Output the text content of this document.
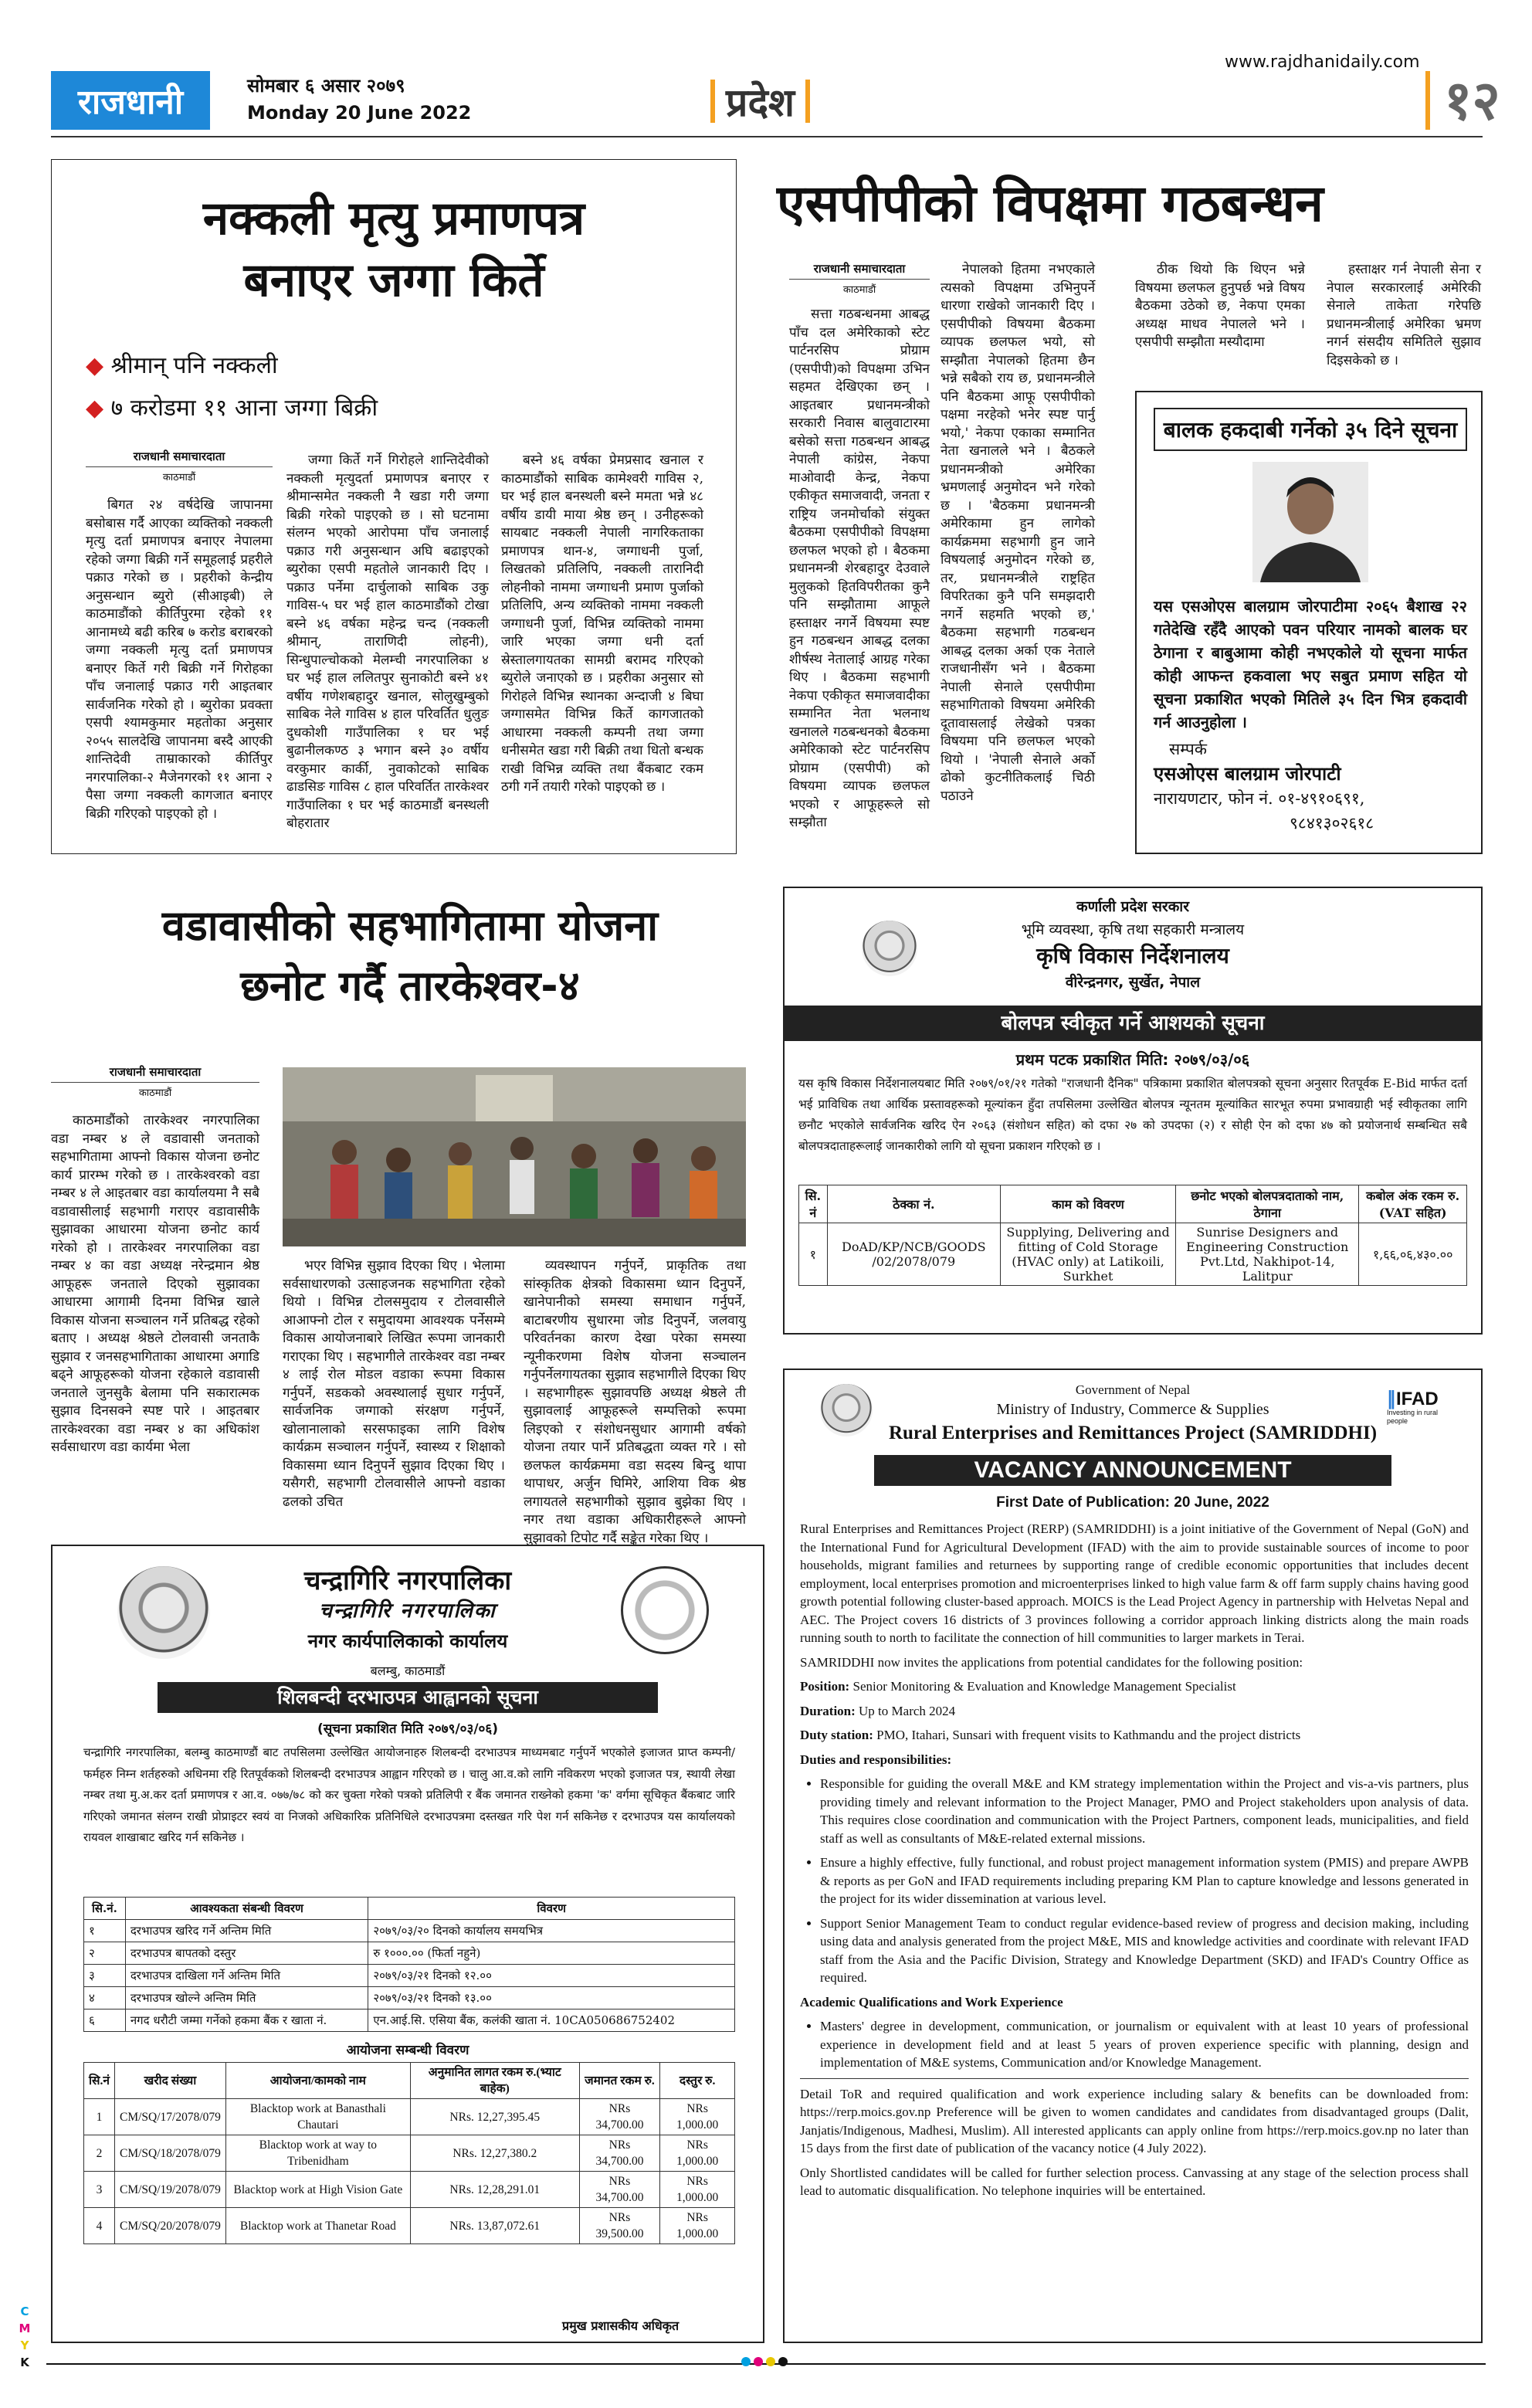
राजधानी	सोमबार ६ असार २०७९
Monday 20 June 2022	प्रदेश
www.rajdhanidaily.com
१२
नक्कली मृत्यु प्रमाणपत्र
बनाएर जग्गा किर्ते
◆ श्रीमान् पनि नक्कली
◆ ७ करोडमा ११ आना जग्गा बिक्री
राजधानी समाचारदाता
काठमाडौं

बिगत २४ वर्षदेखि जापानमा बसोबास गर्दै आएका व्यक्तिको नक्कली मृत्यु दर्ता प्रमाणपत्र बनाएर नेपालमा रहेको जग्गा बिक्री गर्ने समूहलाई प्रहरीले पक्राउ गरेको छ । प्रहरीको केन्द्रीय अनुसन्धान ब्युरो (सीआइबी) ले काठमाडौंको कीर्तिपुरमा रहेको ११ आनामध्ये बढी करिब ७ करोड बराबरको जग्गा नक्कली मृत्यु दर्ता प्रमाणपत्र बनाएर किर्ते गरी बिक्री गर्ने गिरोहका पाँच जनालाई पक्राउ गरी आइतबार सार्वजनिक गरेको हो । ब्युरोका प्रवक्ता एसपी श्यामकुमार महतोका अनुसार २०५५ सालदेखि जापानमा बस्दै आएकी शान्तिदेवी ताम्राकारको कीर्तिपुर नगरपालिका-२ मैजेनगरको ११ आना २ पैसा जग्गा नक्कली कागजात बनाएर बिक्री गरिएको पाइएको हो ।

जग्गा किर्ते गर्ने गिरोहले शान्तिदेवीको नक्कली मृत्युदर्ता प्रमाणपत्र बनाएर र श्रीमान्समेत नक्कली नै खडा गरी जग्गा बिक्री गरेको पाइएको छ । सो घटनामा संलग्न भएको आरोपमा पाँच जनालाई पक्राउ गरी अनुसन्धान अघि बढाइएको ब्युरोका एसपी महतोले जानकारी दिए । पक्राउ पर्नेमा दार्चुलाको साबिक उकु गाविस-५ घर भई हाल काठमाडौंको टोखा बस्ने ४६ वर्षका महेन्द्र चन्द (नक्कली श्रीमान्, ताराणिदी लोहनी), सिन्धुपाल्चोकको मेलम्ची नगरपालिका ४ घर भई हाल ललितपुर सुनाकोटी बस्ने ४१ वर्षीय गणेशबहादुर खनाल, सोलुखुम्बुको साबिक नेले गाविस ४ हाल परिवर्तित धुलुङ दुधकोशी गाउँपालिका १ घर भई बुढानीलकण्ठ ३ भगान बस्ने ३० वर्षीय वरकुमार कार्की, नुवाकोटको साबिक ढाडसिङ गाविस ८ हाल परिवर्तित तारकेश्वर गाउँपालिका १ घर भई काठमाडौं बनस्थली बोहरातार

बस्ने ४६ वर्षका प्रेमप्रसाद खनाल र काठमाडौंको साबिक कामेश्वरी गाविस २, घर भई हाल बनस्थली बस्ने ममता भन्ने ४८ वर्षीय डायी माया श्रेष्ठ छन् । उनीहरूको सायबाट नक्कली नेपाली नागरिकताका प्रमाणपत्र थान-४, जग्गाधनी पुर्जा, लिखतको प्रतिलिपि, नक्कली तारानिदी लोहनीको नाममा जग्गाधनी प्रमाण पुर्जाको प्रतिलिपि, अन्य व्यक्तिको नाममा नक्कली जग्गाधनी पुर्जा, विभिन्न व्यक्तिको नाममा जारि भएका जग्गा धनी दर्ता स्रेस्तालगायतका सामग्री बरामद गरिएको ब्युरोले जनाएको छ । प्रहरीका अनुसार सो गिरोहले विभिन्न स्थानका अन्दाजी ४ बिघा जग्गासमेत विभिन्न किर्ते कागजातको आधारमा नक्कली कम्पनी तथा जग्गा धनीसमेत खडा गरी बिक्री तथा धितो बन्धक राखी विभिन्न व्यक्ति तथा बैंकबाट रकम ठगी गर्ने तयारी गरेको पाइएको छ ।

एसपीपीको विपक्षमा गठबन्धन
राजधानी समाचारदाता
काठमाडौं

सत्ता गठबन्धनमा आबद्ध पाँच दल अमेरिकाको स्टेट पार्टनरसिप प्रोग्राम (एसपीपी)को विपक्षमा उभिन सहमत देखिएका छन् । आइतबार प्रधानमन्त्रीको सरकारी निवास बालुवाटारमा बसेको सत्ता गठबन्धन आबद्ध नेपाली कांग्रेस, नेकपा माओवादी केन्द्र, नेकपा एकीकृत समाजवादी, जनता र राष्ट्रिय जनमोर्चाको संयुक्त बैठकमा एसपीपीको विपक्षमा छलफल भएको हो । बैठकमा प्रधानमन्त्री शेरबहादुर देउवाले मुलुकको हितविपरीतका कुनै पनि सम्झौतामा आफूले हस्ताक्षर नगर्ने विषयमा स्पष्ट हुन गठबन्धन आबद्ध दलका शीर्षस्थ नेतालाई आग्रह गरेका थिए । बैठकमा सहभागी नेकपा एकीकृत समाजवादीका सम्मानित नेता भलनाथ खनालले गठबन्धनको बैठकमा अमेरिकाको स्टेट पार्टनरसिप प्रोग्राम (एसपीपी) को विषयमा व्यापक छलफल भएको र आफूहरूले सो सम्झौता

नेपालको हितमा नभएकाले त्यसको विपक्षमा उभिनुपर्ने धारणा राखेको जानकारी दिए । एसपीपीको विषयमा बैठकमा व्यापक छलफल भयो, सो सम्झौता नेपालको हितमा छैन भन्ने सबैको राय छ, प्रधानमन्त्रीले पनि बैठकमा आफू एसपीपीको पक्षमा नरहेको भनेर स्पष्ट पार्नु भयो,' नेकपा एकाका सम्मानित नेता खनालले भने । बैठकले प्रधानमन्त्रीको अमेरिका भ्रमणलाई अनुमोदन भने गरेको छ । 'बैठकमा प्रधानमन्त्री अमेरिकामा हुन लागेको कार्यक्रममा सहभागी हुन जाने विषयलाई अनुमोदन गरेको छ, तर, प्रधानमन्त्रीले राष्ट्रहित विपरितका कुनै पनि समझदारी नगर्ने सहमति भएको छ,' बैठकमा सहभागी गठबन्धन आबद्ध दलका अर्का एक नेताले राजधानीसँग भने । बैठकमा नेपाली सेनाले एसपीपीमा सहभागिताको विषयमा अमेरिकी दूतावासलाई लेखेको पत्रका विषयमा पनि छलफल भएको थियो । 'नेपाली सेनाले अर्को ढोको कुटनीतिकलाई चिठी पठाउने

ठीक थियो कि थिएन भन्ने विषयमा छलफल हुनुपर्छ भन्ने विषय बैठकमा उठेको छ, नेकपा एमका अध्यक्ष माधव नेपालले भने । एसपीपी सम्झौता मस्यौदामा

हस्ताक्षर गर्न नेपाली सेना र नेपाल सरकारलाई अमेरिकी सेनाले ताकेता गरेपछि प्रधानमन्त्रीलाई अमेरिका भ्रमण नगर्न संसदीय समितिले सुझाव दिइसकेको छ ।

बालक हकदाबी गर्नेको ३५ दिने सूचना
यस एसओएस बालग्राम जोरपाटीमा २०६५ बैशाख २२ गतेदेखि रहँदै आएको पवन परियार नामको बालक घर ठेगाना र बाबुआमा कोही नभएकोले यो सूचना मार्फत कोही आफन्त हकवाला भए सबुत प्रमाण सहित यो सूचना प्रकाशित भएको मितिले ३५ दिन भित्र हकदावी गर्न आउनुहोला ।
सम्पर्क
एसओएस बालग्राम जोरपाटी
नारायणटार, फोन नं. ०१-४९१०६९१,
९८४१३०२६१८
वडावासीको सहभागितामा योजना
छनोट गर्दै तारकेश्वर-४
राजधानी समाचारदाता
काठमाडौं

काठमाडौंको तारकेश्वर नगरपालिका वडा नम्बर ४ ले वडावासी जनताको सहभागितामा आफ्नो विकास योजना छनोट कार्य प्रारम्भ गरेको छ । तारकेश्वरको वडा नम्बर ४ ले आइतबार वडा कार्यालयमा नै सबै वडावासीलाई सहभागी गराएर वडावासीकै सुझावका आधारमा योजना छनोट कार्य गरेको हो । तारकेश्वर नगरपालिका वडा नम्बर ४ का वडा अध्यक्ष नरेन्द्रमान श्रेष्ठ आफूहरू जनताले दिएको सुझावका आधारमा आगामी दिनमा विभिन्न खाले विकास योजना सञ्चालन गर्ने प्रतिबद्ध रहेको बताए । अध्यक्ष श्रेष्ठले टोलवासी जनताकै सुझाव र जनसहभागिताका आधारमा अगाडि बढ्ने आफूहरूको योजना रहेकाले वडावासी जनताले जुनसुकै बेलामा पनि सकारात्मक सुझाव दिनसक्ने स्पष्ट पारे । आइतबार तारकेश्वरका वडा नम्बर ४ का अधिकांश सर्वसाधारण वडा कार्यमा भेला

भएर विभिन्न सुझाव दिएका थिए । भेलामा सर्वसाधारणको उत्साहजनक सहभागिता रहेको थियो । विभिन्न टोलसमुदाय र टोलवासीले आआफ्नो टोल र समुदायमा आवश्यक पर्नेसम्मे विकास आयोजनाबारे लिखित रूपमा जानकारी गराएका थिए । सहभागीले तारकेश्वर वडा नम्बर ४ लाई रोल मोडल वडाका रूपमा विकास गर्नुपर्ने, सडकको अवस्थालाई सुधार गर्नुपर्ने, सार्वजनिक जग्गाको संरक्षण गर्नुपर्ने, खोलानालाको सरसफाइका लागि विशेष कार्यक्रम सञ्चालन गर्नुपर्ने, स्वास्थ्य र शिक्षाको विकासमा ध्यान दिनुपर्ने सुझाव दिएका थिए । यसैगरी, सहभागी टोलवासीले आफ्नो वडाका ढलको उचित

व्यवस्थापन गर्नुपर्ने, प्राकृतिक तथा सांस्कृतिक क्षेत्रको विकासमा ध्यान दिनुपर्ने, खानेपानीको समस्या समाधान गर्नुपर्ने, बाटाबरणीय सुधारमा जोड दिनुपर्ने, जलवायु परिवर्तनका कारण देखा परेका समस्या न्यूनीकरणमा विशेष योजना सञ्चालन गर्नुपर्नेलगायतका सुझाव सहभागीले दिएका थिए । सहभागीहरू सुझावपछि अध्यक्ष श्रेष्ठले ती सुझावलाई आफूहरूले सम्पत्तिको रूपमा लिइएको र संशोधनसुधार आगामी वर्षको योजना तयार पार्ने प्रतिबद्धता व्यक्त गरे । सो छलफल कार्यक्रममा वडा सदस्य बिन्दु थापा थापाधर, अर्जुन घिमिरे, आशिया विक श्रेष्ठ लगायतले सहभागीको सुझाव बुझेका थिए । नगर तथा वडाका अधिकारीहरूले आफ्नो सुझावको टिपोट गर्दै सङ्केत गरेका थिए ।

कर्णाली प्रदेश सरकार
भूमि व्यवस्था, कृषि तथा सहकारी मन्त्रालय
कृषि विकास निर्देशनालय
वीरेन्द्रनगर, सुर्खेत, नेपाल
बोलपत्र स्वीकृत गर्ने आशयको सूचना
प्रथम पटक प्रकाशित मिति: २०७९/०३/०६
यस कृषि विकास निर्देशनालयबाट मिति २०७९/०१/२१ गतेको "राजधानी दैनिक" पत्रिकामा प्रकाशित बोलपत्रको सूचना अनुसार रितपूर्वक E-Bid मार्फत दर्ता भई प्राविधिक तथा आर्थिक प्रस्तावहरूको मूल्यांकन हुँदा तपसिलमा उल्लेखित बोलपत्र न्यूनतम मूल्यांकित सारभूत रुपमा प्रभावग्राही भई स्वीकृतका लागि छनौट भएकोले सार्वजनिक खरिद ऐन २०६३ (संशोधन सहित) को दफा २७ को उपदफा (२) र सोही ऐन को दफा ४७ को प्रयोजनार्थ सम्बन्धित सबै बोलपत्रदाताहरूलाई जानकारीको लागि यो सूचना प्रकाशन गरिएको छ ।
सि. नं	ठेक्का नं.	काम को विवरण	छनोट भएको बोलपत्रदाताको नाम, ठेगाना	कबोल अंक रकम रु.(VAT सहित)
१	DoAD/KP/NCB/GOODS /02/2078/079	Supplying, Delivering and fitting of Cold Storage (HVAC only) at Latikoili, Surkhet	Sunrise Designers and Engineering Construction Pvt.Ltd, Nakhipot-14, Lalitpur	१,६६,०६,४३०.००
चन्द्रागिरि नगरपालिका
चन्द्रागिरि नगरपालिका
नगर कार्यपालिकाको कार्यालय
बलम्बु, काठमाडौं
शिलबन्दी दरभाउपत्र आह्वानको सूचना
(सूचना प्रकाशित मिति २०७९/०३/०६)
चन्द्रागिरि नगरपालिका, बलम्बु काठमाण्डौं बाट तपसिलमा उल्लेखित आयोजनाहरु शिलबन्दी दरभाउपत्र माध्यमबाट गर्नुपर्ने भएकोले इजाजत प्राप्त कम्पनी/फर्महरु निम्न शर्तहरुको अधिनमा रहि रितपूर्वकको शिलबन्दी दरभाउपत्र आह्वान गरिएको छ । चालु आ.व.को लागि नविकरण भएको इजाजत पत्र, स्थायी लेखा नम्बर तथा मु.अ.कर दर्ता प्रमाणपत्र र आ.व. ०७७/७८ को कर चुक्ता गरेको पत्रको प्रतिलिपी र बैंक जमानत राख्नेको हकमा 'क' वर्गमा सूचिकृत बैंकबाट जारि गरिएको जमानत संलग्न राखी प्रोप्राइटर स्वयं वा निजको अधिकारिक प्रतिनिधिले दरभाउपत्रमा दस्तखत गरि पेश गर्न सकिनेछ र दरभाउपत्र यस कार्यालयको रायवल शाखाबाट खरिद गर्न सकिनेछ ।
सि.नं.	आवश्यकता संबन्धी विवरण	विवरण
१	दरभाउपत्र खरिद गर्ने अन्तिम मिति	२०७९/०३/२० दिनको कार्यालय समयभित्र
२	दरभाउपत्र बापतको दस्तुर	रु १०००.०० (फिर्ता नहुने)
३	दरभाउपत्र दाखिला गर्ने अन्तिम मिति	२०७९/०३/२१ दिनको १२.००
४	दरभाउपत्र खोल्ने अन्तिम मिति	२०७९/०३/२१ दिनको १३.००
६	नगद धरौटी जम्मा गर्नेको हकमा बैंक र खाता नं.	एन.आई.सि. एसिया बैंक, कलंकी खाता नं. 10CA050686752402
आयोजना सम्बन्धी विवरण
सि.नं	खरीद संख्या	आयोजना/कामको नाम	अनुमानित लागत रकम रु.(भ्याट बाहेक)	जमानत रकम रु.	दस्तुर रु.
1	CM/SQ/17/2078/079	Blacktop work at Banasthali Chautari	NRs. 12,27,395.45	NRs 34,700.00	NRs 1,000.00
2	CM/SQ/18/2078/079	Blacktop work at way to Tribenidham	NRs. 12,27,380.2	NRs 34,700.00	NRs 1,000.00
3	CM/SQ/19/2078/079	Blacktop work at High Vision Gate	NRs. 12,28,291.01	NRs 34,700.00	NRs 1,000.00
4	CM/SQ/20/2078/079	Blacktop work at Thanetar Road	NRs. 13,87,072.61	NRs 39,500.00	NRs 1,000.00
प्रमुख प्रशासकीय अधिकृत
∥IFAD
Investing in rural people
Government of Nepal
Ministry of Industry, Commerce & Supplies
Rural Enterprises and Remittances Project (SAMRIDDHI)
VACANCY ANNOUNCEMENT
First Date of Publication: 20 June, 2022

Rural Enterprises and Remittances Project (RERP) (SAMRIDDHI) is a joint initiative of the Government of Nepal (GoN) and the International Fund for Agricultural Development (IFAD) with the aim to provide sustainable sources of income to poor households, migrant families and returnees by supporting range of credible economic opportunities that includes decent employment, local enterprises promotion and microenterprises linked to high value farm & off farm supply chains having good growth potential following cluster-based approach. MOICS is the Lead Project Agency in partnership with Helvetas Nepal and AEC. The Project covers 16 districts of 3 provinces following a corridor approach linking districts along the main roads running south to north to facilitate the connection of hill communities to larger markets in Terai.

SAMRIDDHI now invites the applications from potential candidates for the following position:

Position: Senior Monitoring & Evaluation and Knowledge Management Specialist

Duration: Up to March 2024

Duty station: PMO, Itahari, Sunsari with frequent visits to Kathmandu and the project districts

Duties and responsibilities:

• Responsible for guiding the overall M&E and KM strategy implementation within the Project and vis-a-vis partners, plus providing timely and relevant information to the Project Manager, PMO and Project stakeholders upon analysis of data. This requires close coordination and communication with the Project Partners, component leads, municipalities, and field staff as well as consultants of M&E-related external missions.
• Ensure a highly effective, fully functional, and robust project management information system (PMIS) and prepare AWPB & reports as per GoN and IFAD requirements including preparing KM Plan to capture knowledge and lessons generated in the project for its wider dissemination at various level.
• Support Senior Management Team to conduct regular evidence-based review of progress and decision making, including using data and analysis generated from the project M&E, MIS and knowledge activities and coordinate with relevant IFAD staff from the Asia and the Pacific Division, Strategy and Knowledge Department (SKD) and IFAD's Country Office as required.

Academic Qualifications and Work Experience

• Masters' degree in development, communication, or journalism or equivalent with at least 10 years of professional experience in development field and at least 5 years of proven experience specific with planning, design and implementation of M&E systems, Communication and/or Knowledge Management.

Detail ToR and required qualification and work experience including salary & benefits can be downloaded from: https://rerp.moics.gov.np Preference will be given to women candidates and candidates from disadvantaged groups (Dalit, Janjatis/Indigenous, Madhesi, Muslim). All interested applicants can apply online from https://rerp.moics.gov.np no later than 15 days from the first date of publication of the vacancy notice (4 July 2022).

Only Shortlisted candidates will be called for further selection process. Canvassing at any stage of the selection process shall lead to automatic disqualification. No telephone inquiries will be entertained.

C
M
Y
K
